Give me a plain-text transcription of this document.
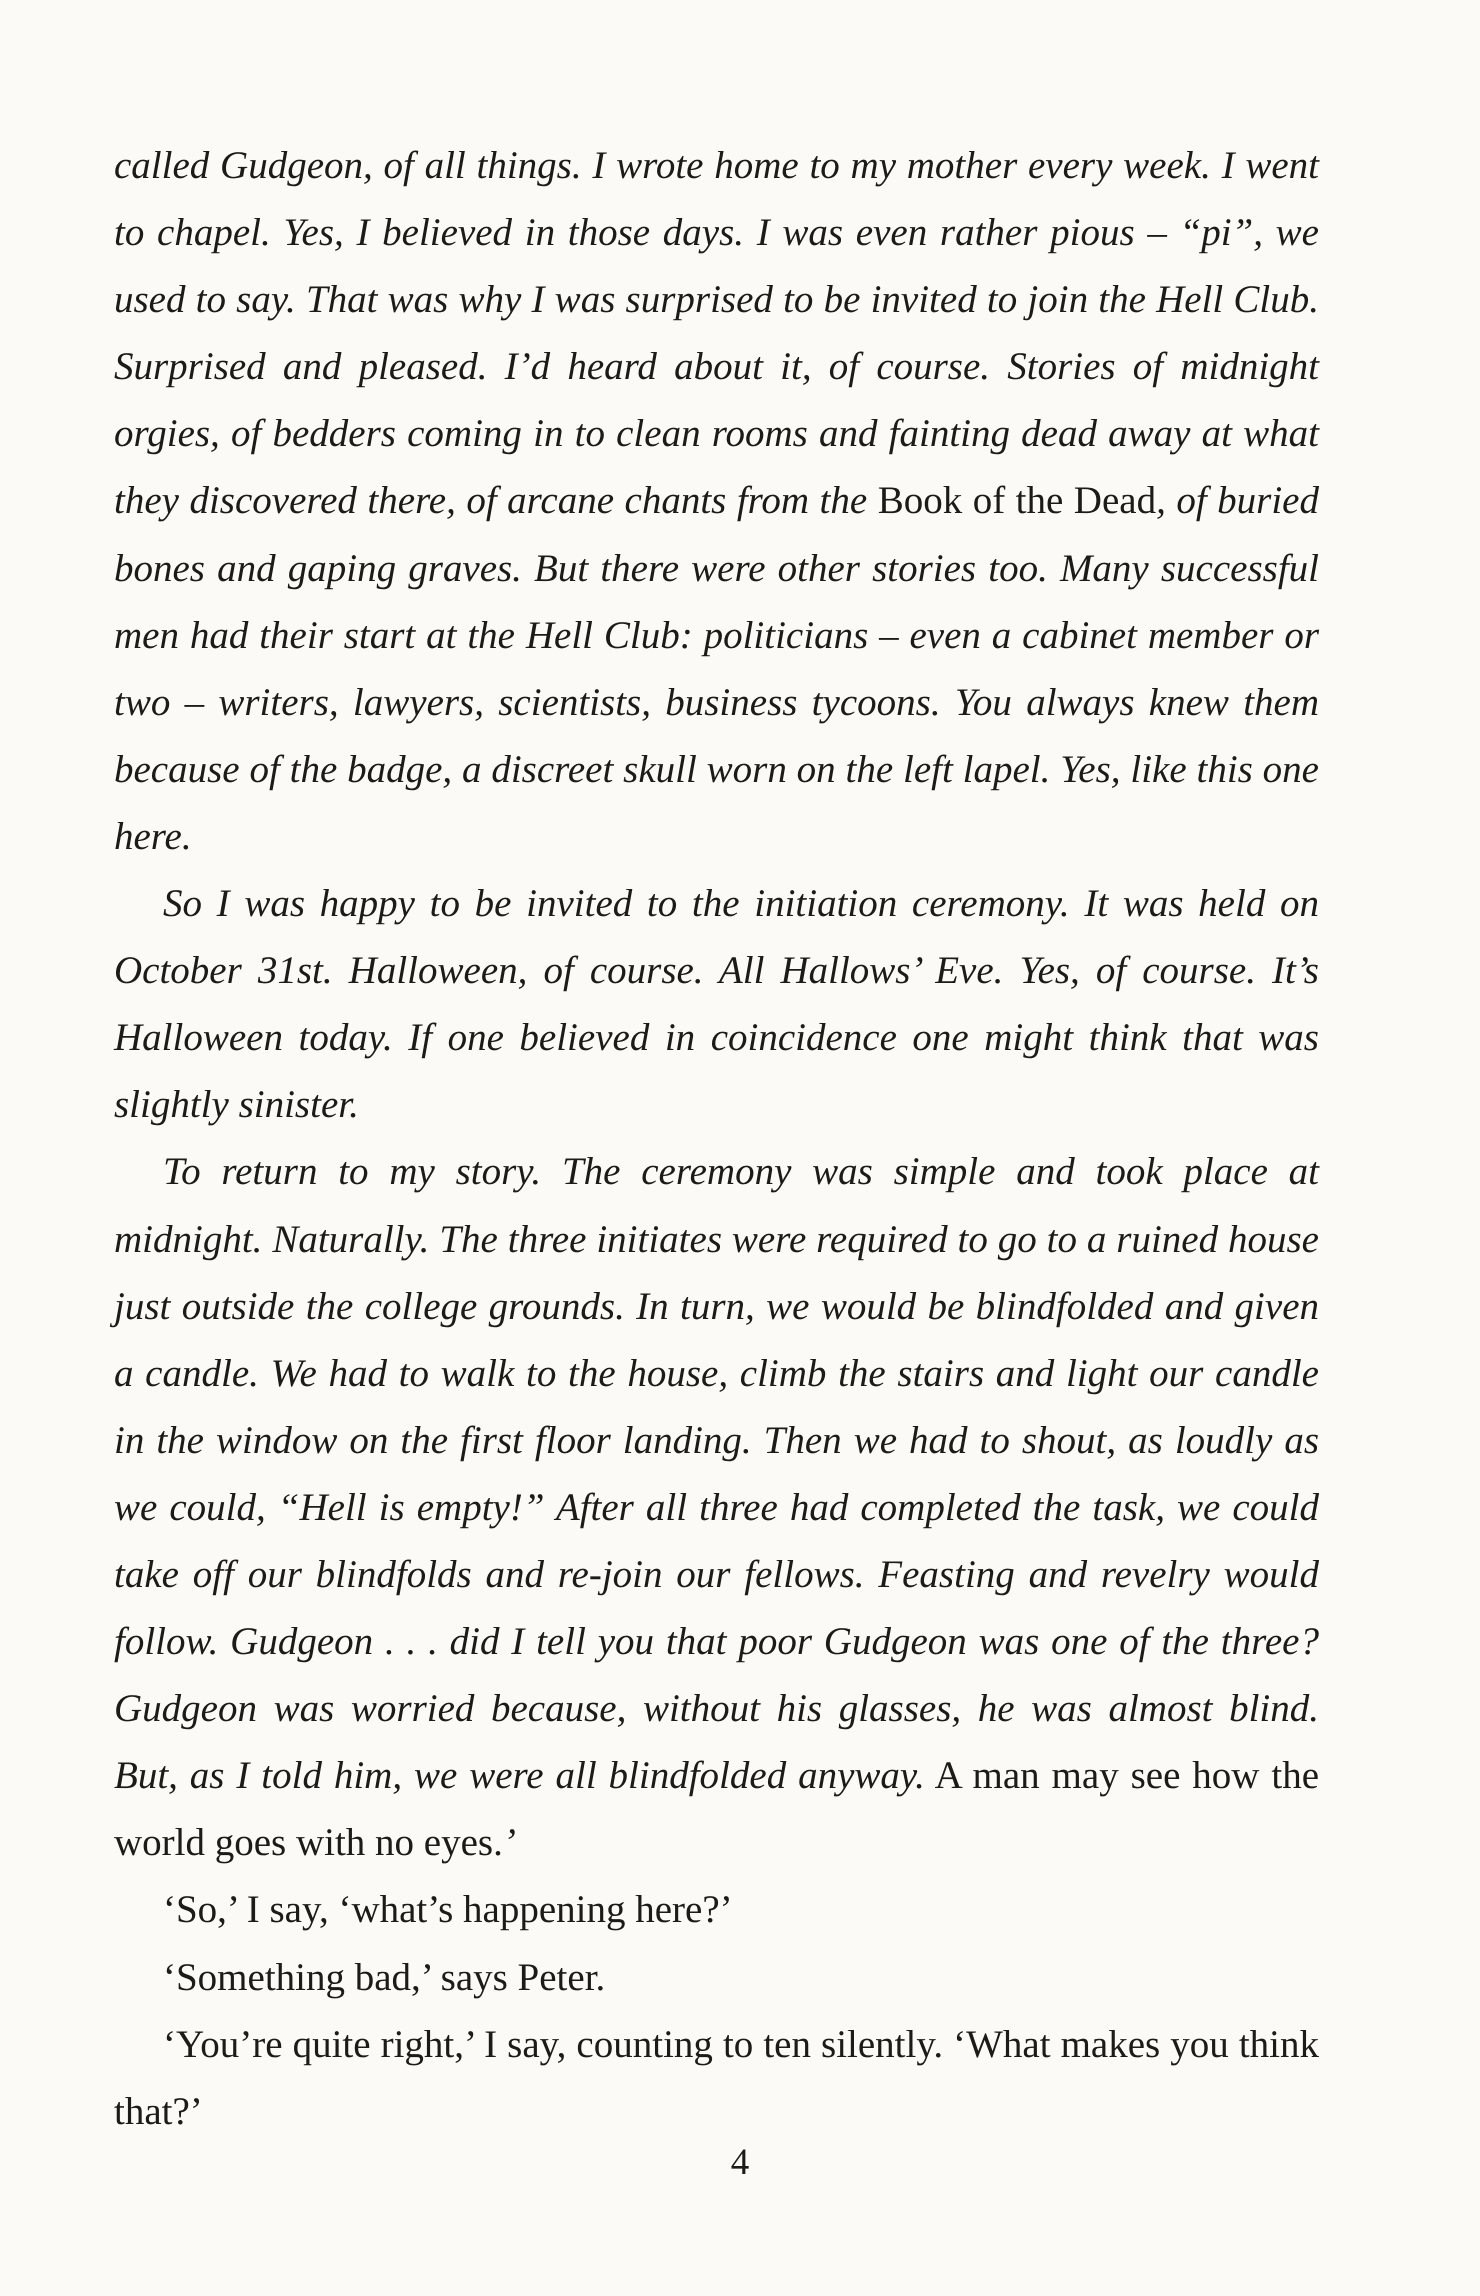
called Gudgeon, of all things. I wrote home to my mother every week. I went to chapel. Yes, I believed in those days. I was even rather pious – “pi”, we used to say. That was why I was surprised to be invited to join the Hell Club. Surprised and pleased. I’d heard about it, of course. Stories of midnight orgies, of bedders coming in to clean rooms and fainting dead away at what they discovered there, of arcane chants from the Book of the Dead, of buried bones and gaping graves. But there were other stories too. Many successful men had their start at the Hell Club: politicians – even a cabinet member or two – writers, lawyers, scientists, business tycoons. You always knew them because of the badge, a discreet skull worn on the left lapel. Yes, like this one here.

So I was happy to be invited to the initiation ceremony. It was held on October 31st. Halloween, of course. All Hallows’ Eve. Yes, of course. It’s Halloween today. If one believed in coincidence one might think that was slightly sinister.

To return to my story. The ceremony was simple and took place at midnight. Naturally. The three initiates were required to go to a ruined house just outside the college grounds. In turn, we would be blindfolded and given a candle. We had to walk to the house, climb the stairs and light our candle in the window on the first floor landing. Then we had to shout, as loudly as we could, “Hell is empty!” After all three had completed the task, we could take off our blindfolds and re-join our fellows. Feasting and revelry would follow. Gudgeon . . . did I tell you that poor Gudgeon was one of the three? Gudgeon was worried because, without his glasses, he was almost blind. But, as I told him, we were all blindfolded anyway. A man may see how the world goes with no eyes.’

‘So,’ I say, ‘what’s happening here?’

‘Something bad,’ says Peter.

‘You’re quite right,’ I say, counting to ten silently. ‘What makes you think that?’

4
